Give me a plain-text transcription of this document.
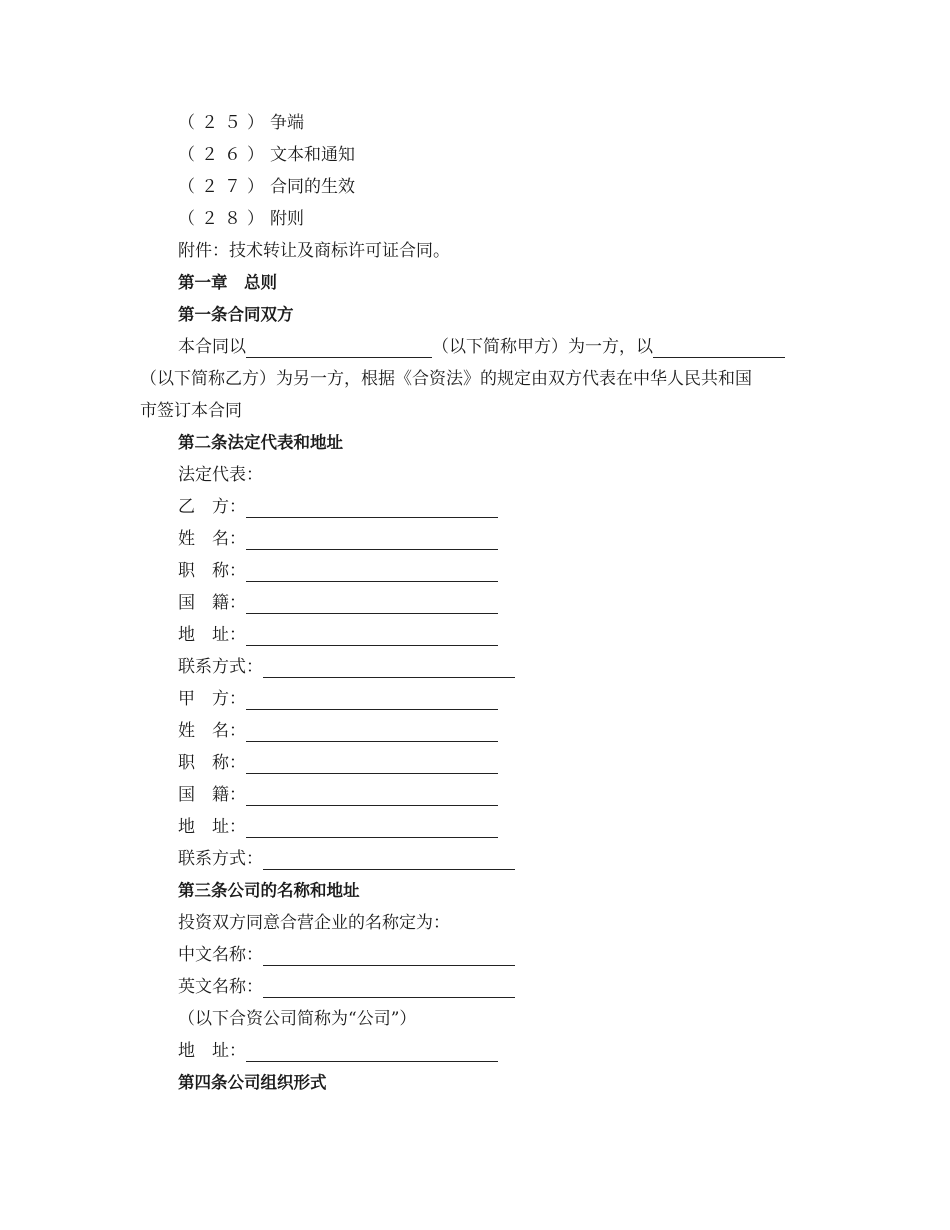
（２５）争端
（２６）文本和通知
（２７）合同的生效
（２８）附则
附件：技术转让及商标许可证合同。
第一章　总则
第一条合同双方
本合同以	（以下简称甲方）为一方，以
（以下简称乙方）为另一方，根据《合资法》的规定由双方代表在中华人民共和国
市签订本合同
第二条法定代表和地址
法定代表：
乙　方：
姓　名：
职　称：
国　籍：
地　址：
联系方式：
甲　方：
姓　名：
职　称：
国　籍：
地　址：
联系方式：
第三条公司的名称和地址
投资双方同意合营企业的名称定为：
中文名称：
英文名称：
（以下合资公司简称为“公司”）
地　址：
第四条公司组织形式
